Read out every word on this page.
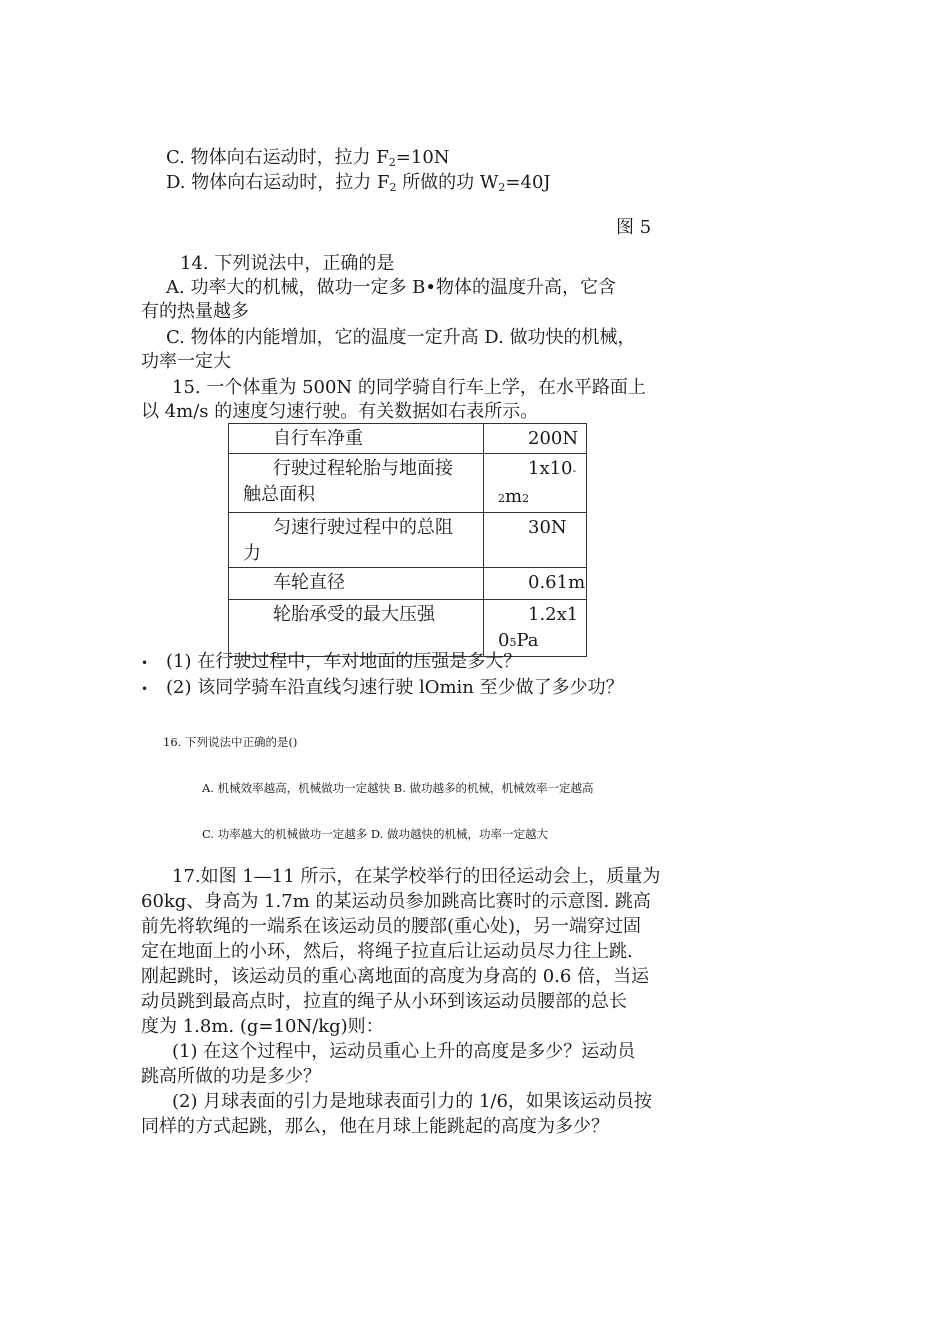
C. 物体向右运动时，拉力 $F_2=10N$
D. 物体向右运动时，拉力 $F_2$ 所做的功 $W_2=40J$
图 5
14. 下列说法中，正确的是
A. 功率大的机械，做功一定多 B•物体的温度升高，它含
有的热量越多
C. 物体的内能增加，它的温度一定升高 D. 做功快的机械，
功率一定大
15. 一个体重为 500N 的同学骑自行车上学，在水平路面上
以 4m/s 的速度匀速行驶。有关数据如右表所示。
自行车净重	200N

行驶过程轮胎与地面接
触总面积	1x10-
2m2

匀速行驶过程中的总阻
力	30N

车轮直径	0.61m

轮胎承受的最大压强	1.2x1
05Pa
• (1) 在行驶过程中，车对地面的压强是多大？
• (2) 该同学骑车沿直线匀速行驶 lOmin 至少做了多少功？
16. 下列说法中正确的是()
A. 机械效率越高，机械做功一定越快 B. 做功越多的机械，机械效率一定越高
C. 功率越大的机械做功一定越多 D. 做功越快的机械，功率一定越大
17.如图 1—11 所示，在某学校举行的田径运动会上，质量为
60kg、身高为 1.7m 的某运动员参加跳高比赛时的示意图. 跳高
前先将软绳的一端系在该运动员的腰部(重心处)，另一端穿过固
定在地面上的小环，然后，将绳子拉直后让运动员尽力往上跳.
刚起跳时，该运动员的重心离地面的高度为身高的 0.6 倍，当运
动员跳到最高点时，拉直的绳子从小环到该运动员腰部的总长
度为 1.8m. (g=10N/kg)则：
(1) 在这个过程中，运动员重心上升的高度是多少？运动员
跳高所做的功是多少？
(2) 月球表面的引力是地球表面引力的 1/6，如果该运动员按
同样的方式起跳，那么，他在月球上能跳起的高度为多少？
